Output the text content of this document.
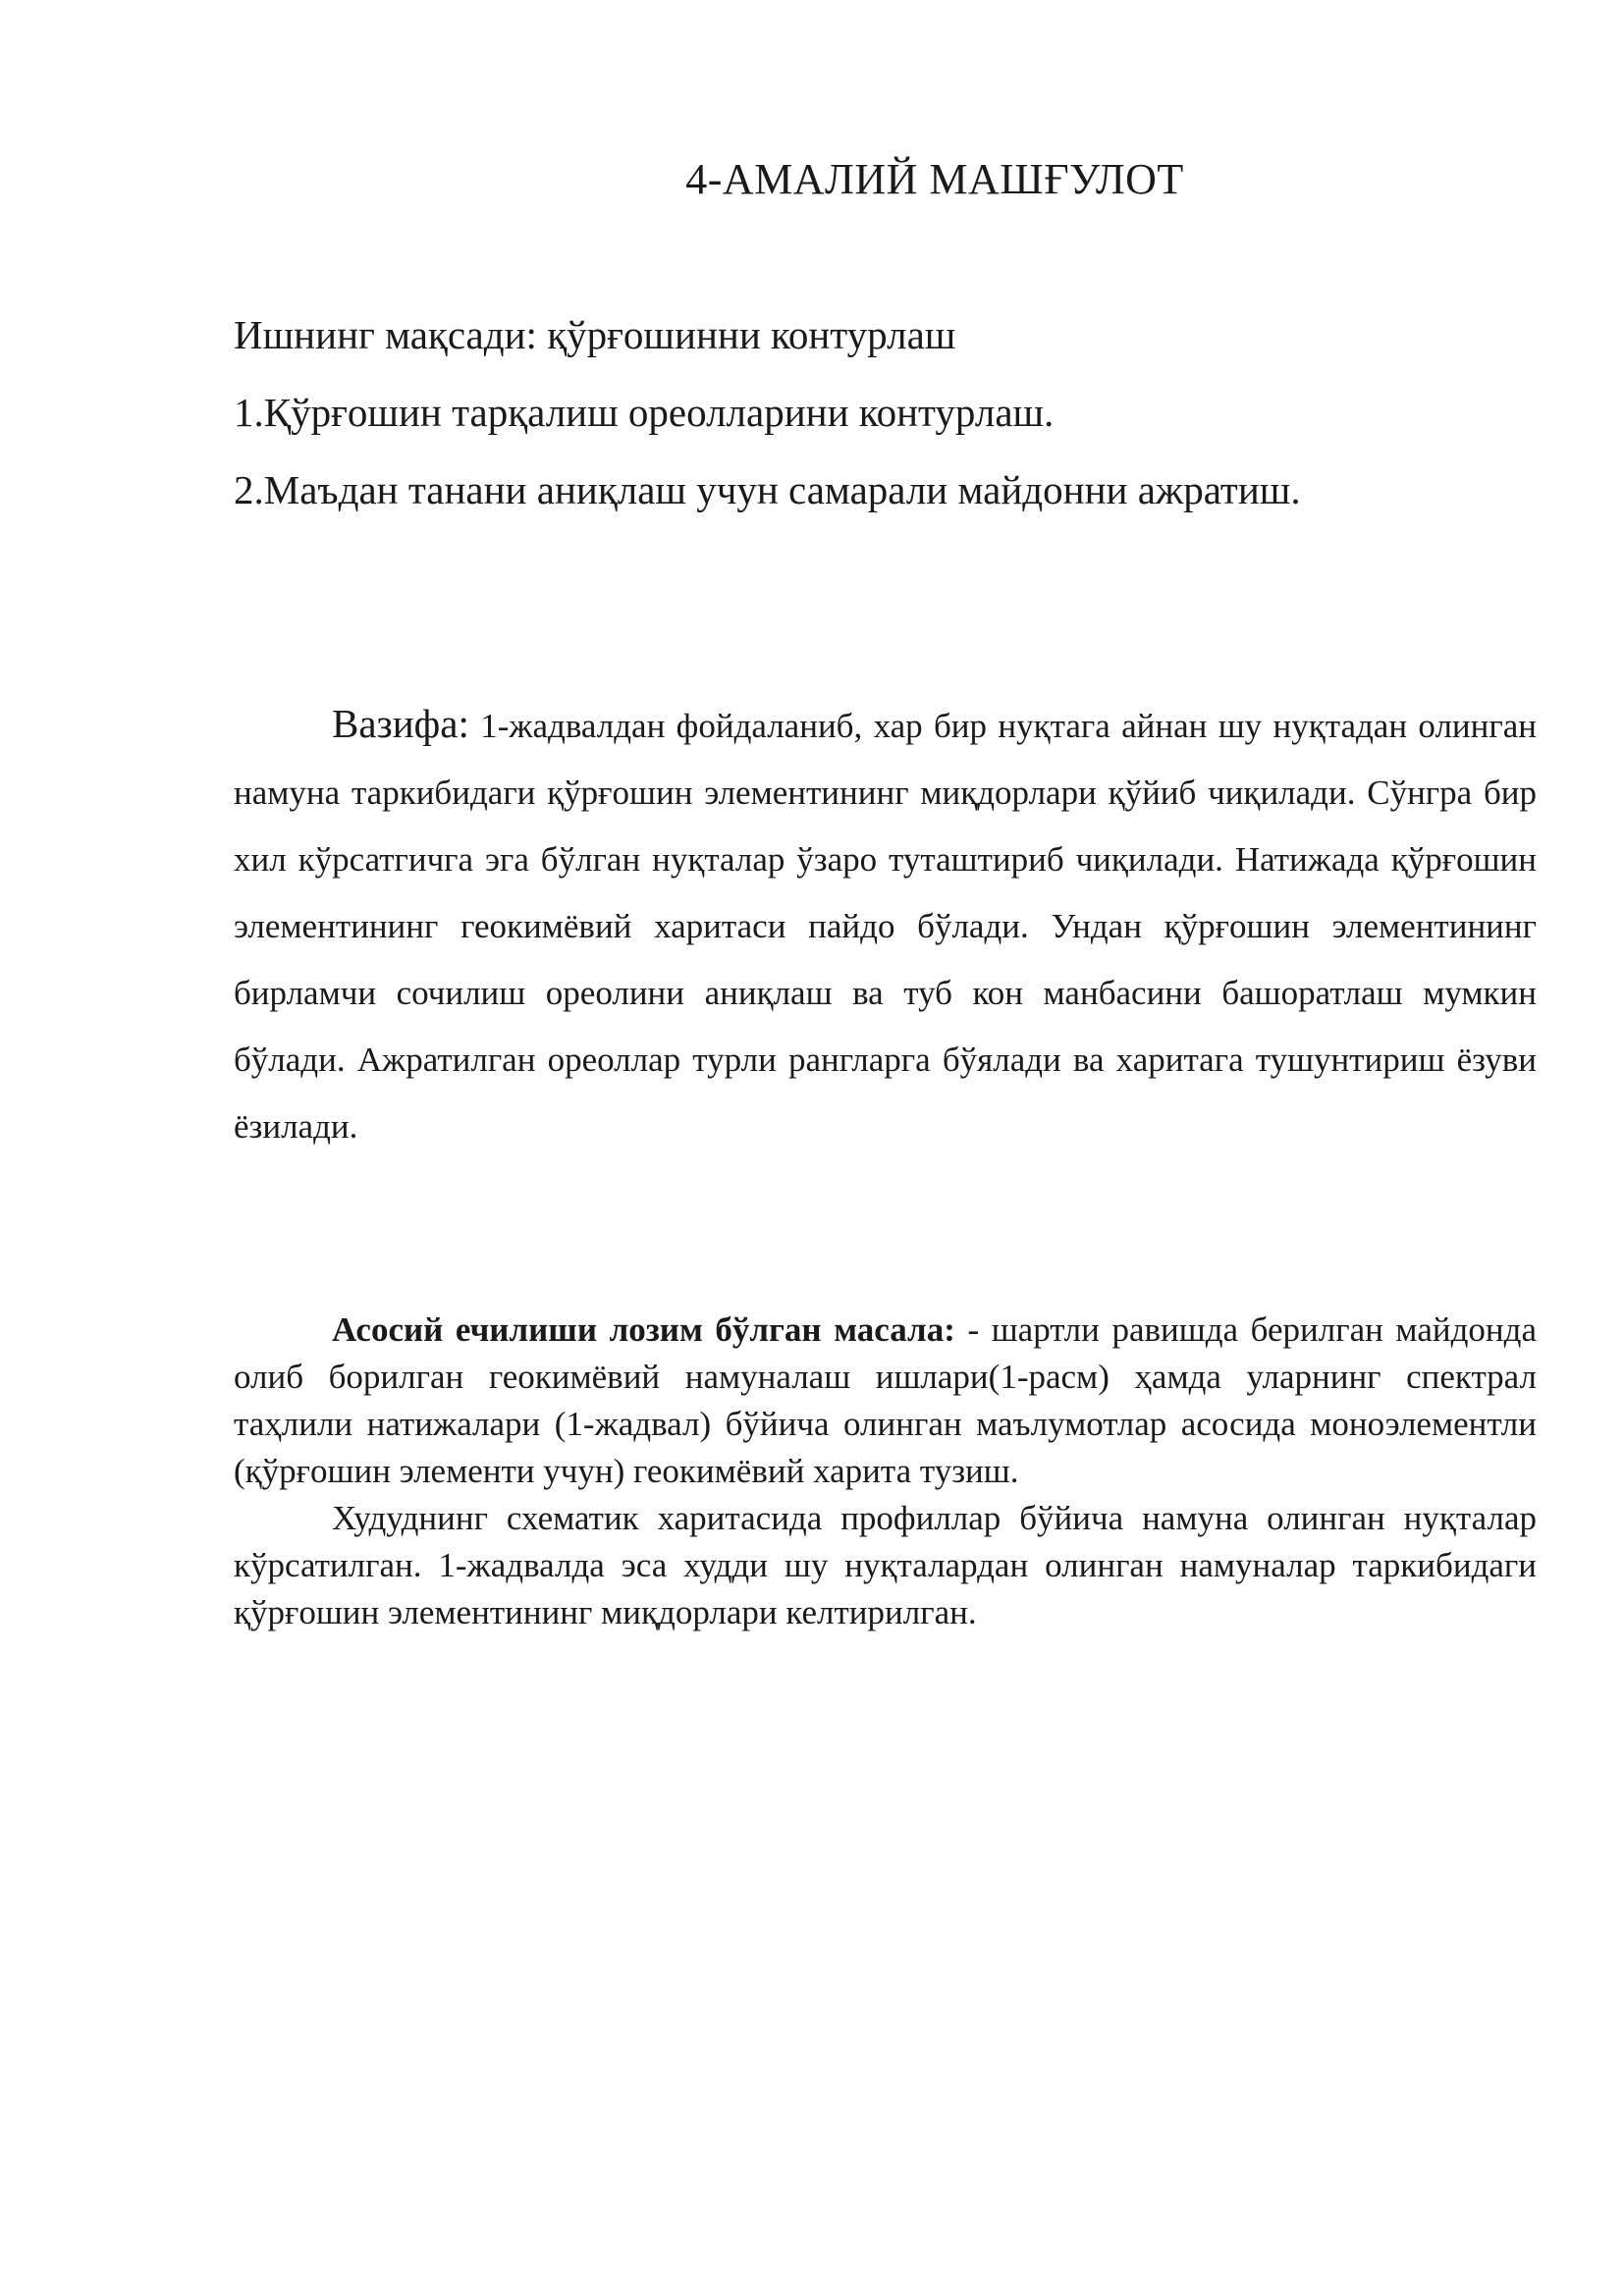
4-АМАЛИЙ МАШҒУЛОТ
Ишнинг мақсади: қўрғошинни контурлаш
1.Қўрғошин тарқалиш ореолларини контурлаш.
2.Маъдан танани аниқлаш учун самарали майдонни ажратиш.

Вазифа: 1-жадвалдан фойдаланиб, хар бир нуқтага айнан шу нуқтадан олинган намуна таркибидаги қўрғошин элементининг миқдорлари қўйиб чиқилади. Сўнгра бир хил кўрсатгичга эга бўлган нуқталар ўзаро туташтириб чиқилади. Натижада қўрғошин элементининг геокимёвий харитаси пайдо бўлади. Ундан қўрғошин элементининг бирламчи сочилиш ореолини аниқлаш ва туб кон манбасини башоратлаш мумкин бўлади. Ажратилган ореоллар турли рангларга бўялади ва харитага тушунтириш ёзуви ёзилади.

Асосий ечилиши лозим бўлган масала: - шартли равишда берилган майдонда олиб борилган геокимёвий намуналаш ишлари(1-расм) ҳамда уларнинг спектрал таҳлили натижалари (1-жадвал) бўйича олинган маълумотлар асосида моноэлементли (қўрғошин элементи учун) геокимёвий харита тузиш.

Худуднинг схематик харитасида профиллар бўйича намуна олинган нуқталар кўрсатилган. 1-жадвалда эса худди шу нуқталардан олинган намуналар таркибидаги қўрғошин элементининг миқдорлари келтирилган.
